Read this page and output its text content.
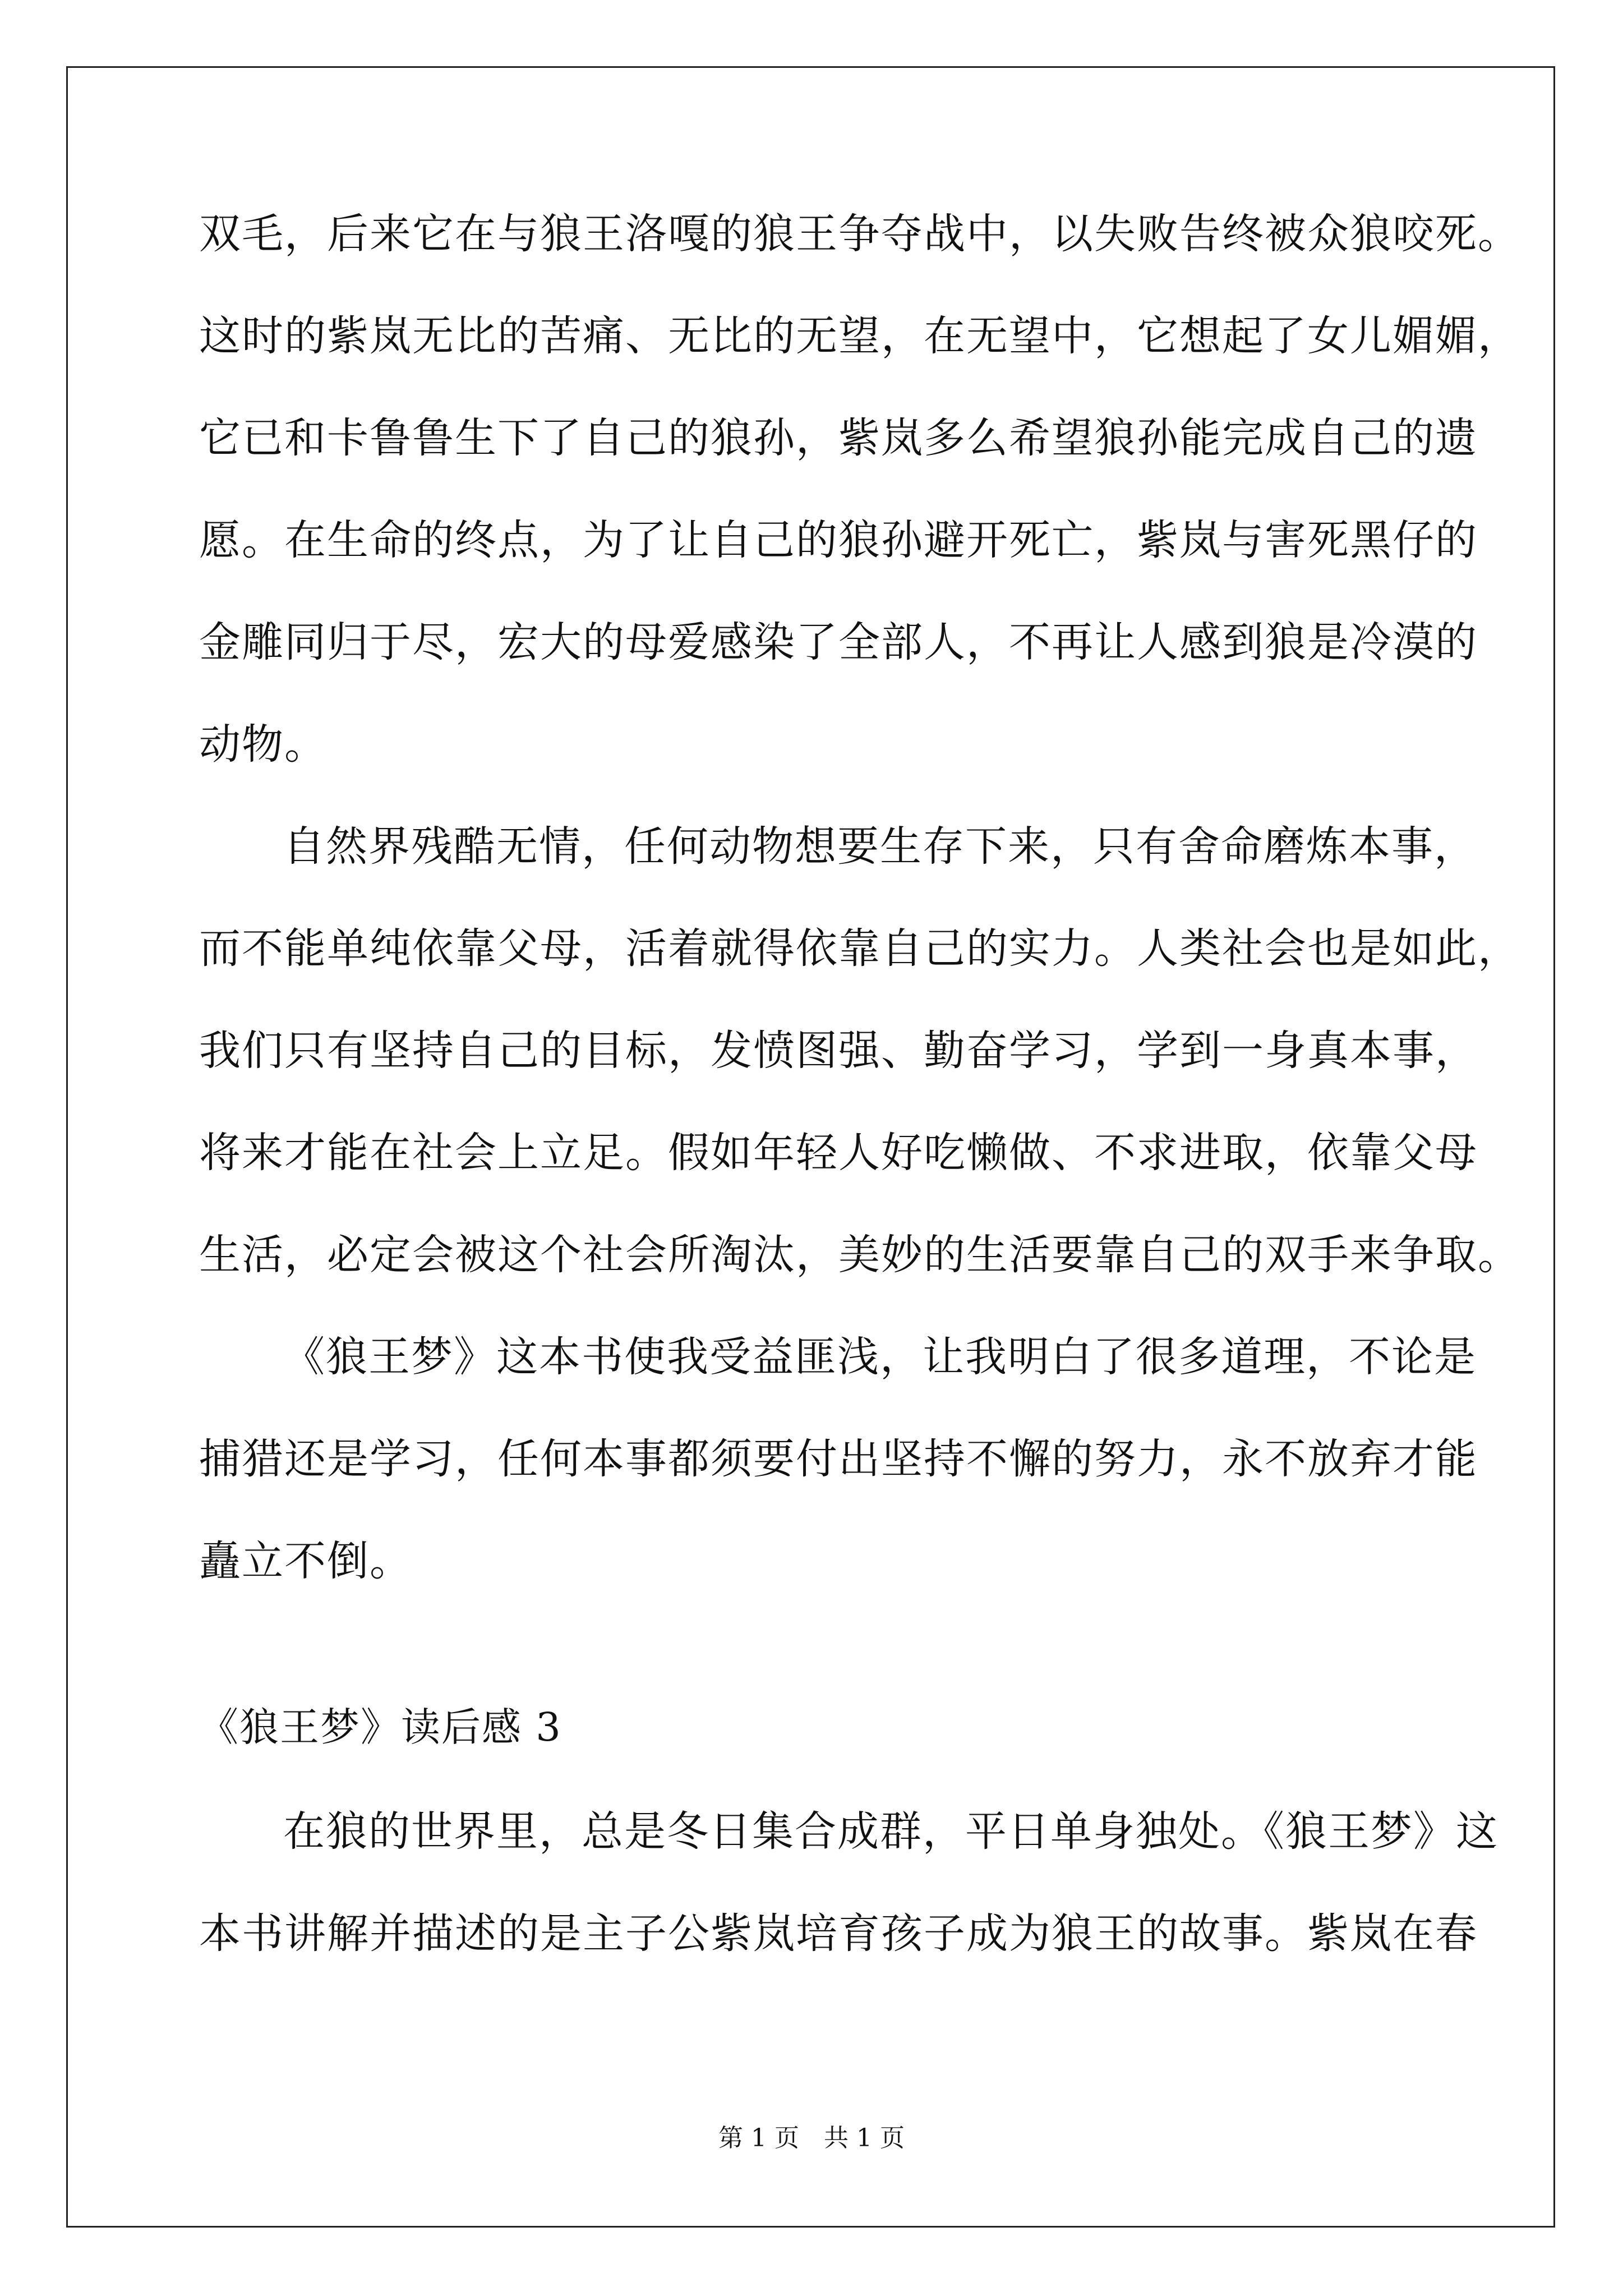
双毛，后来它在与狼王洛嘎的狼王争夺战中，以失败告终被众狼咬死。
这时的紫岚无比的苦痛、无比的无望，在无望中，它想起了女儿媚媚，
它已和卡鲁鲁生下了自己的狼孙，紫岚多么希望狼孙能完成自己的遗
愿。在生命的终点，为了让自己的狼孙避开死亡，紫岚与害死黑仔的
金雕同归于尽，宏大的母爱感染了全部人，不再让人感到狼是冷漠的
动物。
自然界残酷无情，任何动物想要生存下来，只有舍命磨炼本事，
而不能单纯依靠父母，活着就得依靠自己的实力。人类社会也是如此，
我们只有坚持自己的目标，发愤图强、勤奋学习，学到一身真本事，
将来才能在社会上立足。假如年轻人好吃懒做、不求进取，依靠父母
生活，必定会被这个社会所淘汰，美妙的生活要靠自己的双手来争取。
《狼王梦》这本书使我受益匪浅，让我明白了很多道理，不论是
捕猎还是学习，任何本事都须要付出坚持不懈的努力，永不放弃才能
矗立不倒。
《狼王梦》读后感 3
在狼的世界里，总是冬日集合成群，平日单身独处。《狼王梦》这
本书讲解并描述的是主子公紫岚培育孩子成为狼王的故事。紫岚在春
第 1 页　共 1 页
